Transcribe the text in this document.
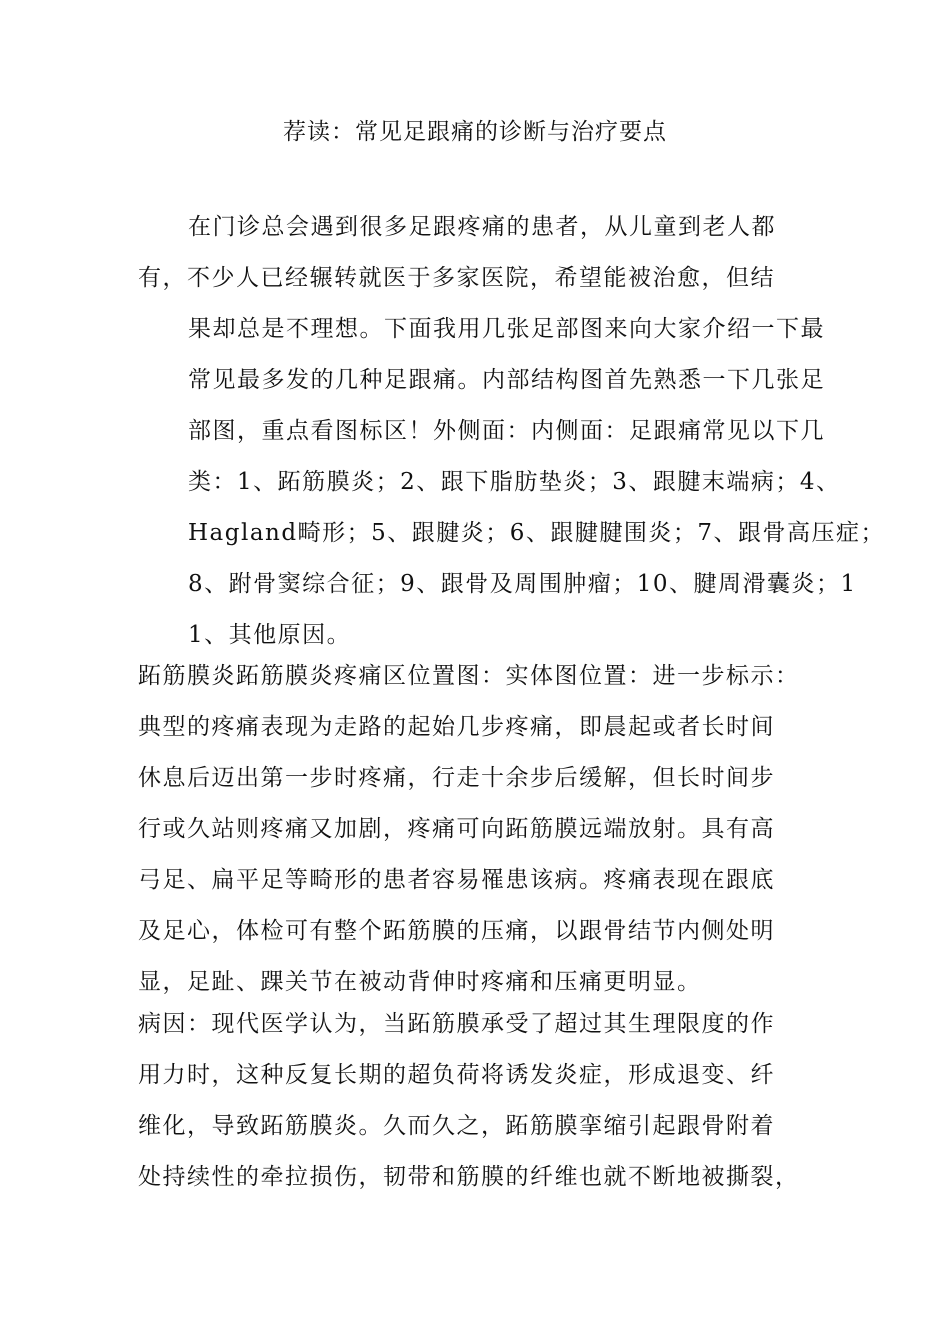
荐读：常见足跟痛的诊断与治疗要点

在门诊总会遇到很多足跟疼痛的患者，从儿童到老人都
有，不少人已经辗转就医于多家医院，希望能被治愈，但结
果却总是不理想。下面我用几张足部图来向大家介绍一下最
常见最多发的几种足跟痛。内部结构图首先熟悉一下几张足
部图，重点看图标区！外侧面：内侧面：足跟痛常见以下几
类：1、跖筋膜炎；2、跟下脂肪垫炎；3、跟腱末端病；4、
Hagland畸形；5、跟腱炎；6、跟腱腱围炎；7、跟骨高压症；
8、跗骨窦综合征；9、跟骨及周围肿瘤；10、腱周滑囊炎；1
1、其他原因。

跖筋膜炎跖筋膜炎疼痛区位置图：实体图位置：进一步标示：
典型的疼痛表现为走路的起始几步疼痛，即晨起或者长时间
休息后迈出第一步时疼痛，行走十余步后缓解，但长时间步
行或久站则疼痛又加剧，疼痛可向跖筋膜远端放射。具有高
弓足、扁平足等畸形的患者容易罹患该病。疼痛表现在跟底
及足心，体检可有整个跖筋膜的压痛，以跟骨结节内侧处明
显，足趾、踝关节在被动背伸时疼痛和压痛更明显。

病因：现代医学认为，当跖筋膜承受了超过其生理限度的作
用力时，这种反复长期的超负荷将诱发炎症，形成退变、纤
维化，导致跖筋膜炎。久而久之，跖筋膜挛缩引起跟骨附着
处持续性的牵拉损伤，韧带和筋膜的纤维也就不断地被撕裂，
